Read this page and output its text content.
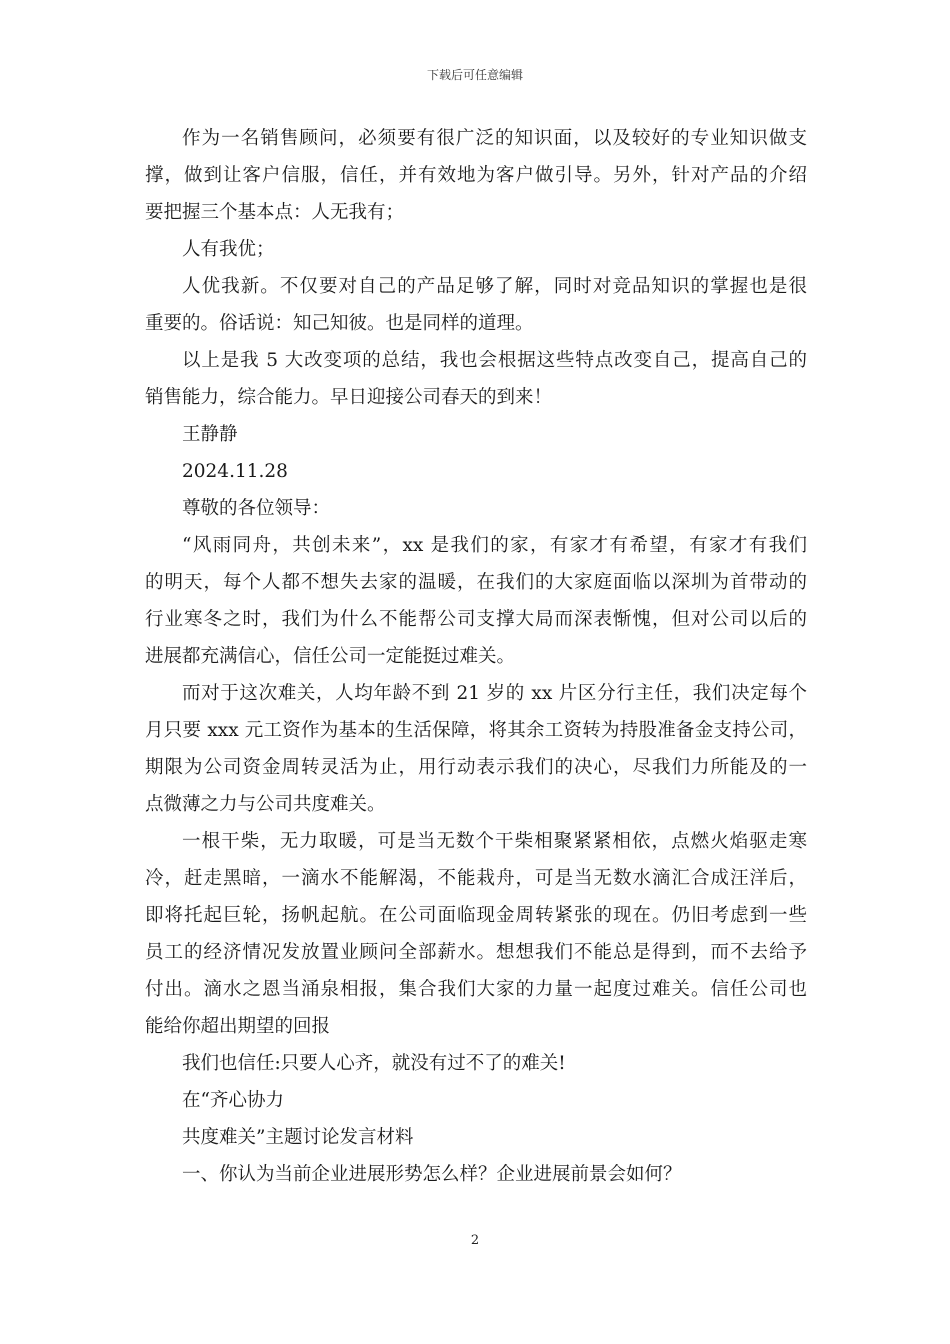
下载后可任意编辑
作为一名销售顾问，必须要有很广泛的知识面，以及较好的专业知识做支
撑，做到让客户信服，信任，并有效地为客户做引导。另外，针对产品的介绍
要把握三个基本点：人无我有；
人有我优；
人优我新。不仅要对自己的产品足够了解，同时对竞品知识的掌握也是很
重要的。俗话说：知己知彼。也是同样的道理。
以上是我 5 大改变项的总结，我也会根据这些特点改变自己，提高自己的
销售能力，综合能力。早日迎接公司春天的到来！
王静静
2024.11.28
尊敬的各位领导：
“风雨同舟，共创未来”，xx 是我们的家，有家才有希望，有家才有我们
的明天，每个人都不想失去家的温暖，在我们的大家庭面临以深圳为首带动的
行业寒冬之时，我们为什么不能帮公司支撑大局而深表惭愧，但对公司以后的
进展都充满信心，信任公司一定能挺过难关。
而对于这次难关，人均年龄不到 21 岁的 xx 片区分行主任，我们决定每个
月只要 xxx 元工资作为基本的生活保障，将其余工资转为持股准备金支持公司，
期限为公司资金周转灵活为止，用行动表示我们的决心，尽我们力所能及的一
点微薄之力与公司共度难关。
一根干柴，无力取暖，可是当无数个干柴相聚紧紧相依，点燃火焰驱走寒
冷，赶走黑暗，一滴水不能解渴，不能栽舟，可是当无数水滴汇合成汪洋后，
即将托起巨轮，扬帆起航。在公司面临现金周转紧张的现在。仍旧考虑到一些
员工的经济情况发放置业顾问全部薪水。想想我们不能总是得到，而不去给予
付出。滴水之恩当涌泉相报，集合我们大家的力量一起度过难关。信任公司也
能给你超出期望的回报
我们也信任:只要人心齐，就没有过不了的难关!
在“齐心协力
共度难关”主题讨论发言材料
一、你认为当前企业进展形势怎么样？企业进展前景会如何？
2
